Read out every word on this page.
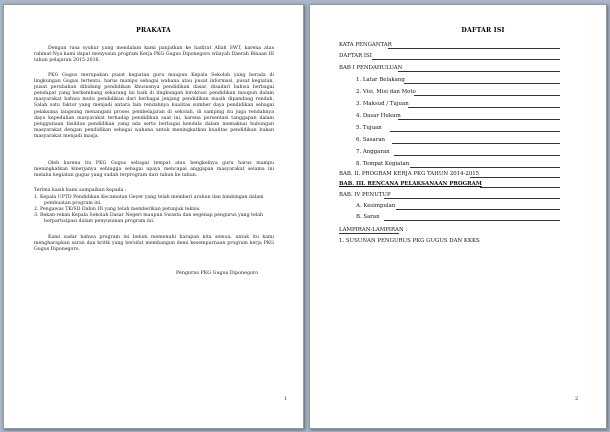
PRAKATA

Dengan rasa syukur yang mendalam kami panjatkan ke hadirat Allah SWT, karena atas rahmat-Nya kami dapat menyusun program Kerja PKG Gugus Diponegoro wilayah Daerah Binaan III tahun pelajaran 2015-2016.

PKG Gugus merupakan pusat kegiatan guru maupun Kepala Sekolah yang berada di lingkungan Gugus tertentu, harus mampu sebagai wahana atau pusat informasi, pusat kegiatan, pusat perubahan dibidang pendidikan khususnya pendidikan dasar, disadari bahwa berbagai pendapat yang berkembang sekarang ini baik di lingkungan birokrasi pendidikan maupun dalam masyarakat bahwa mutu pendidikan dari berbagai jenjang pendidikan masih dipandang rendah. Salah satu faktor yang menjadi antara lain rendahnya kualitas sumber daya pendidikan sebagai pelaksana langsung menangani proses pembelajaran di sekolah, di samping itu juga rendahnya daya kepedulian masyarakat terhadap pendidikan saat ini, karena persentasi tanggapan dalam penggunaan fasilitas pendidikan yang ada serta berbagai kendala dalam memaknai hubungan masyarakat dengan pendidikan sebagai wahana untuk meningkatkan kualitas pendidikan bukan masyarakat menjadi masja.

Oleh karena itu PKG Gugus sebagai tempat atau bengkelnya guru harus mampu meningkatkan kinerjanya sehingga sebagai upaya mencapai anggapan masyarakat selama ini melalui kegiatan gugus yang sudah terprogram dari tahun ke tahun.

Terima kasih kami sampaikan kepada :

1. Kepala UPTD Pendidikan Kecamatan Geyer yang telah memberi arahan dan bimbingan dalam pembuatan program ini.
2. Pengawas TK/SD Dabin III yang telah memberikan petunjuk teknis.
3. Rekan-rekan Kepala Sekolah Dasar Negeri maupun Swasta dan segenap pengurus yang telah berpartisipasi dalam penyusunan program ini.

Kami sadar bahwa program ini belum memenuhi harapan kita semua, untuk itu kami mengharapkan saran dan kritik yang bersifat membangun demi kesempurnaan program kerja PKG Gugus Diponegoro.

Pengurus PKG Gugus Diponegoro
1
DAFTAR ISI
KATA PENGANTAR
DAFTAR ISI
BAB I PENDAHULUAN
1. Latar Belakang
2. Visi, Misi dan Moto
3. Maksud / Tujuan
4. Dasar Hukum
5. Tujuan
6. Sasaran
7. Anggaran
8. Tempat Kegiatan
BAB. II. PROGRAM KERJA PKG TAHUN 2014-2015
BAB. III. RENCANA PELAKSANAAN PROGRAM
BAB. IV PENUTUP
A. Kesimpulan
B. Saran
LAMPIRAN-LAMPIRAN :
1. SUSUNAN PENGURUS PKG GUGUS DAN KKKS
2
